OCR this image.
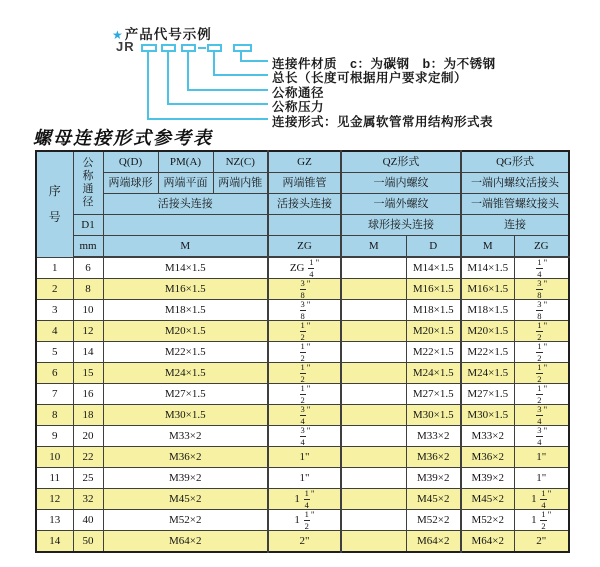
★产品代号示例
JR
连接件材质　c：为碳钢　b：为不锈钢
总长（长度可根据用户要求定制）
公称通径
公称压力
连接形式：见金属软管常用结构形式表
螺母连接形式参考表
序
号	公
称
通
径	Q(D)	PM(A)	NZ(C)	GZ	QZ形式		QG形式	
		两端球形	两端平面	两端内锥	两端锥管	一端内螺纹		一端内螺纹活接头	
		活接头连接			活接头连接	一端外螺纹		一端锥管螺纹接头	
	D1					球形接头连接		连接	
	mm	M			ZG	M	D	M	ZG
1	6	M14×1.5			ZG $\frac{1}{4} ^"$		M14×1.5	M14×1.5	$\frac{1}{4} ^"$
2	8	M16×1.5			$\frac{3}{8} ^"$		M16×1.5	M16×1.5	$\frac{3}{8} ^"$
3	10	M18×1.5			$\frac{3}{8} ^"$		M18×1.5	M18×1.5	$\frac{3}{8} ^"$
4	12	M20×1.5			$\frac{1}{2} ^"$		M20×1.5	M20×1.5	$\frac{1}{2} ^"$
5	14	M22×1.5			$\frac{1}{2} ^"$		M22×1.5	M22×1.5	$\frac{1}{2} ^"$
6	15	M24×1.5			$\frac{1}{2} ^"$		M24×1.5	M24×1.5	$\frac{1}{2} ^"$
7	16	M27×1.5			$\frac{1}{2} ^"$		M27×1.5	M27×1.5	$\frac{1}{2} ^"$
8	18	M30×1.5			$\frac{3}{4} ^"$		M30×1.5	M30×1.5	$\frac{3}{4} ^"$
9	20	M33×2			$\frac{3}{4} ^"$		M33×2	M33×2	$\frac{3}{4} ^"$
10	22	M36×2			1"		M36×2	M36×2	1"
11	25	M39×2			1"		M39×2	M39×2	1"
12	32	M45×2			$1 \frac{1}{4} ^"$		M45×2	M45×2	$1 \frac{1}{4} ^"$
13	40	M52×2			$1 \frac{1}{2} ^"$		M52×2	M52×2	$1 \frac{1}{2} ^"$
14	50	M64×2			2"		M64×2	M64×2	2"
